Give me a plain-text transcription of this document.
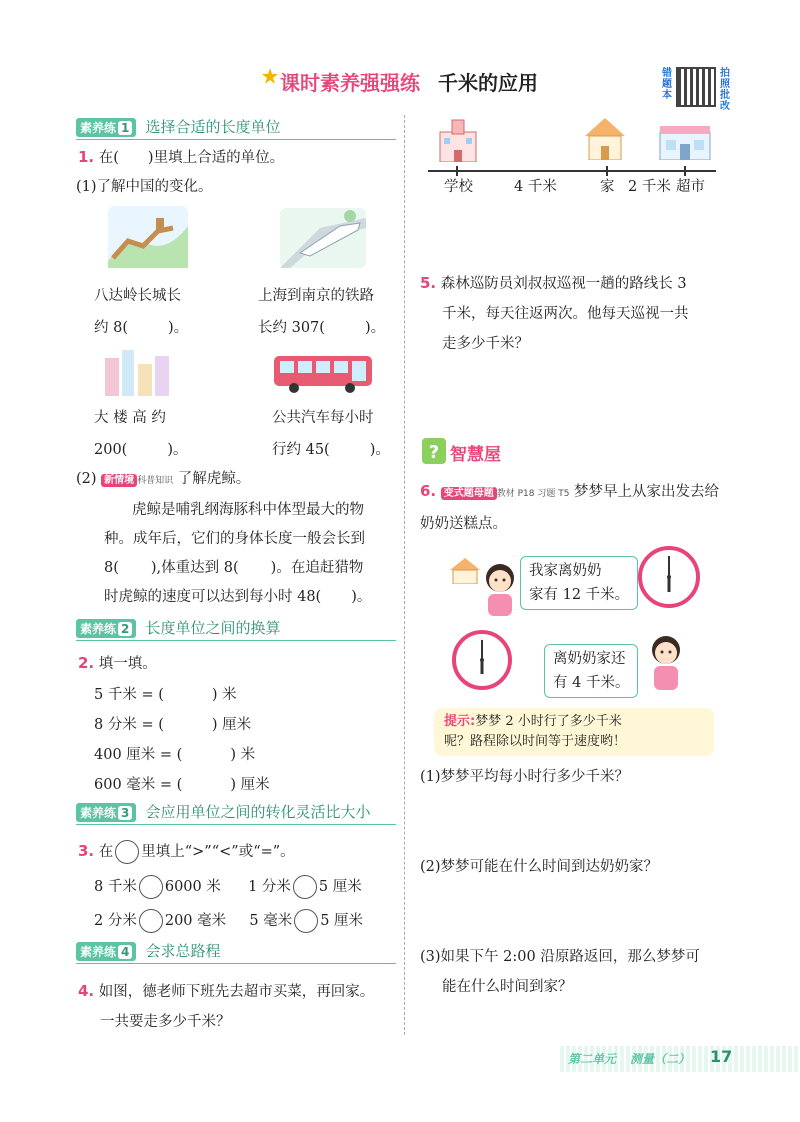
课时素养强强练 千米的应用	错题本
拍照批改
素养练 1 选择合适的长度单位
1. 在(　　)里填上合适的单位。
(1)了解中国的变化。
八达岭长城长
约 8(	)。
上海到南京的铁路
长约 307(	)。
大 楼 高 约
200(	)。
公共汽车每小时
行约 45(	)。
(2) 新情境 科普知识 了解虎鲸。
虎鲸是哺乳纲海豚科中体型最大的物
种。成年后，它们的身体长度一般会长到
8( ),体重达到 8( )。在追赶猎物
时虎鲸的速度可以达到每小时 48( )。
素养练 2 长度单位之间的换算
2. 填一填。
5 千米 = (	) 米
8 分米 = (	) 厘米
400 厘米 = (	) 米
600 毫米 = (	) 厘米
素养练 3 会应用单位之间的转化灵活比大小
3. 在 里填上“>”“<”或“=”。
8 千米 6000 米 1 分米 5 厘米
2 分米 200 毫米 5 毫米 5 厘米
素养练 4 会求总路程
4. 如图，德老师下班先去超市买菜，再回家。
一共要走多少千米？
学校	4 千米	家 2 千米 超市
5. 森林巡防员刘叔叔巡视一趟的路线长 3
千米，每天往返两次。他每天巡视一共
走多少千米？
? 智慧屋
6. 变式题母题 教材 P18 习题 T5 梦梦早上从家出发去给
奶奶送糕点。
我家离奶奶
家有 12 千米。
离奶奶家还
有 4 千米。
提示:梦梦 2 小时行了多少千米
呢？路程除以时间等于速度哟！
(1)梦梦平均每小时行多少千米？
(2)梦梦可能在什么时间到达奶奶家？
(3)如果下午 2:00 沿原路返回，那么梦梦可
能在什么时间到家？
第二单元 测量（二） 17
